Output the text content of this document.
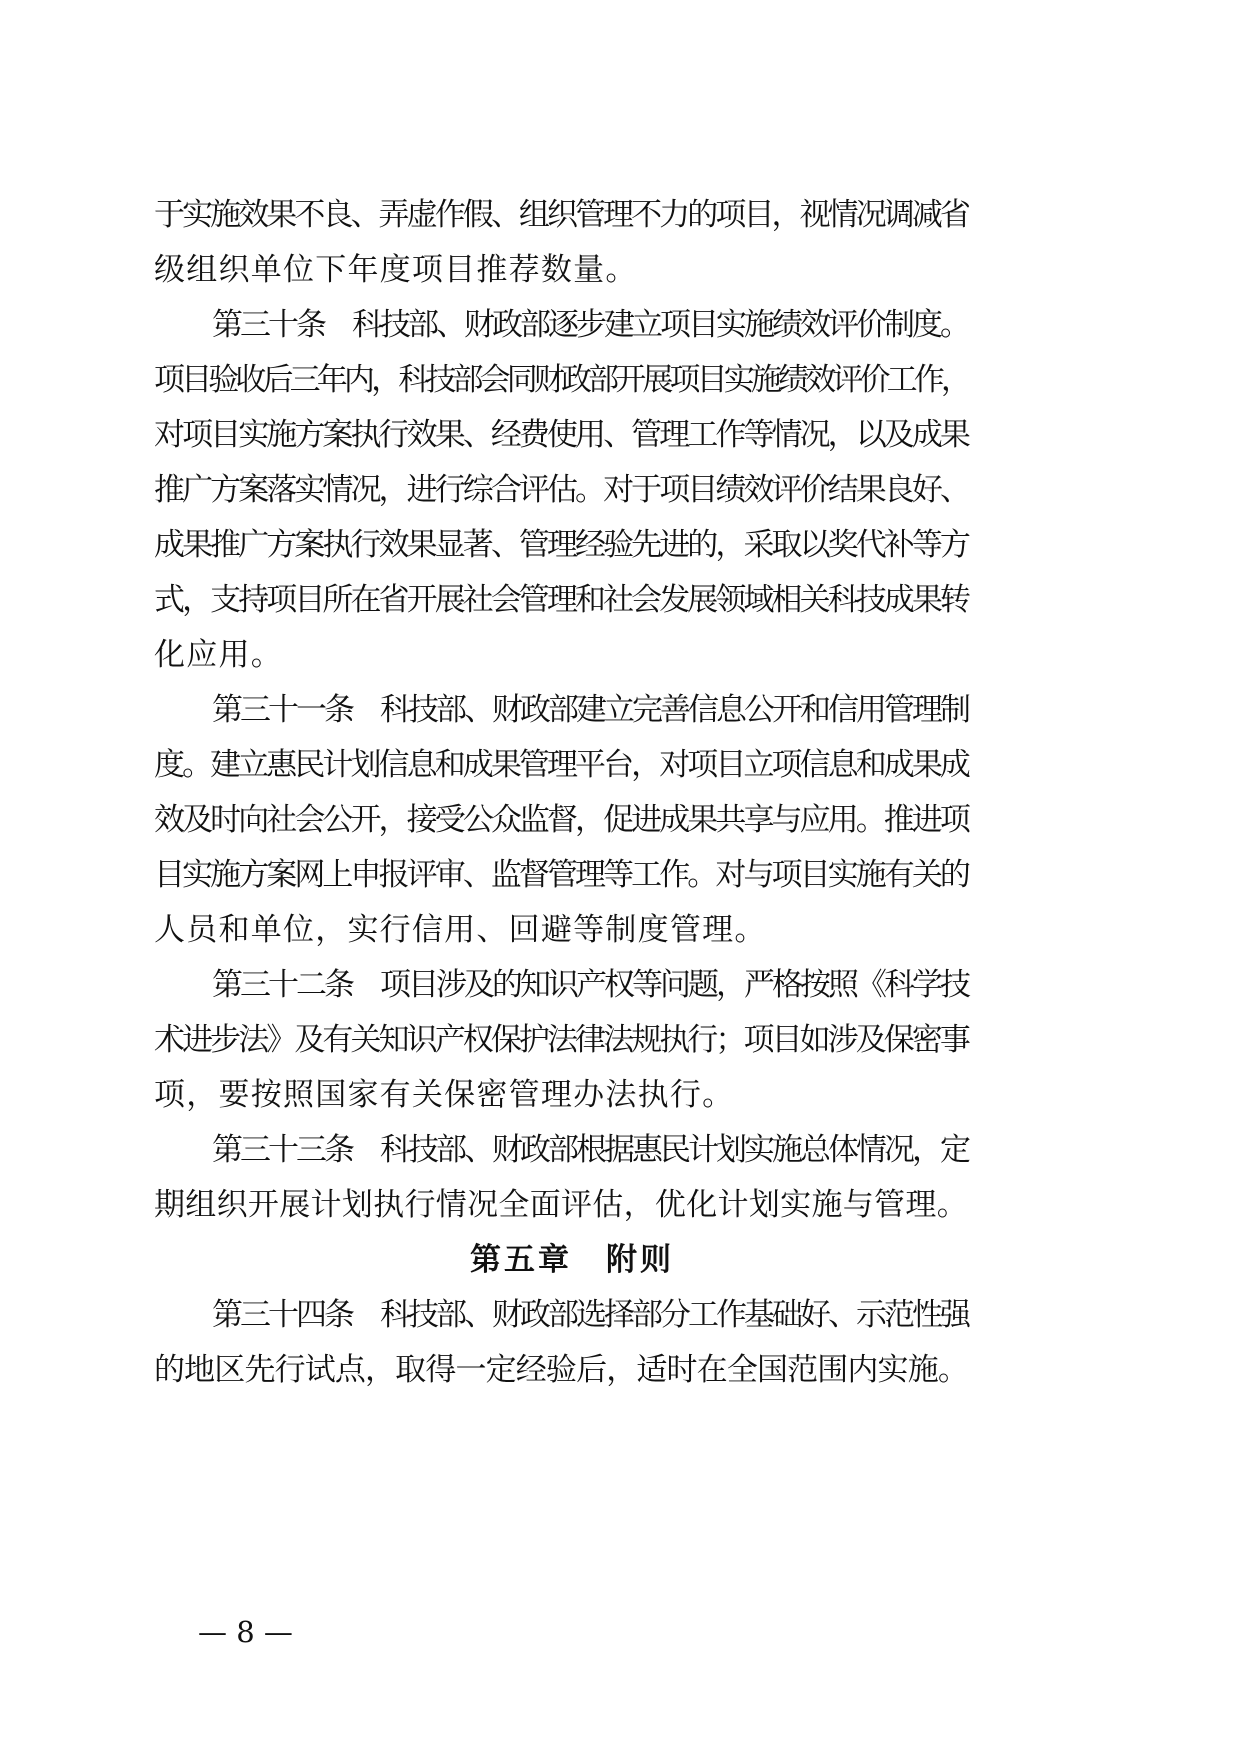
于实施效果不良、弄虚作假、组织管理不力的项目，视情况调减省
级组织单位下年度项目推荐数量。
第三十条　科技部、财政部逐步建立项目实施绩效评价制度。
项目验收后三年内，科技部会同财政部开展项目实施绩效评价工作，
对项目实施方案执行效果、经费使用、管理工作等情况，以及成果
推广方案落实情况，进行综合评估。对于项目绩效评价结果良好、
成果推广方案执行效果显著、管理经验先进的，采取以奖代补等方
式，支持项目所在省开展社会管理和社会发展领域相关科技成果转
化应用。
第三十一条　科技部、财政部建立完善信息公开和信用管理制
度。建立惠民计划信息和成果管理平台，对项目立项信息和成果成
效及时向社会公开，接受公众监督，促进成果共享与应用。推进项
目实施方案网上申报评审、监督管理等工作。对与项目实施有关的
人员和单位，实行信用、回避等制度管理。
第三十二条　项目涉及的知识产权等问题，严格按照《科学技
术进步法》及有关知识产权保护法律法规执行；项目如涉及保密事
项，要按照国家有关保密管理办法执行。
第三十三条　科技部、财政部根据惠民计划实施总体情况，定
期组织开展计划执行情况全面评估，优化计划实施与管理。
第五章　附则
第三十四条　科技部、财政部选择部分工作基础好、示范性强
的地区先行试点，取得一定经验后，适时在全国范围内实施。
— 8 —
